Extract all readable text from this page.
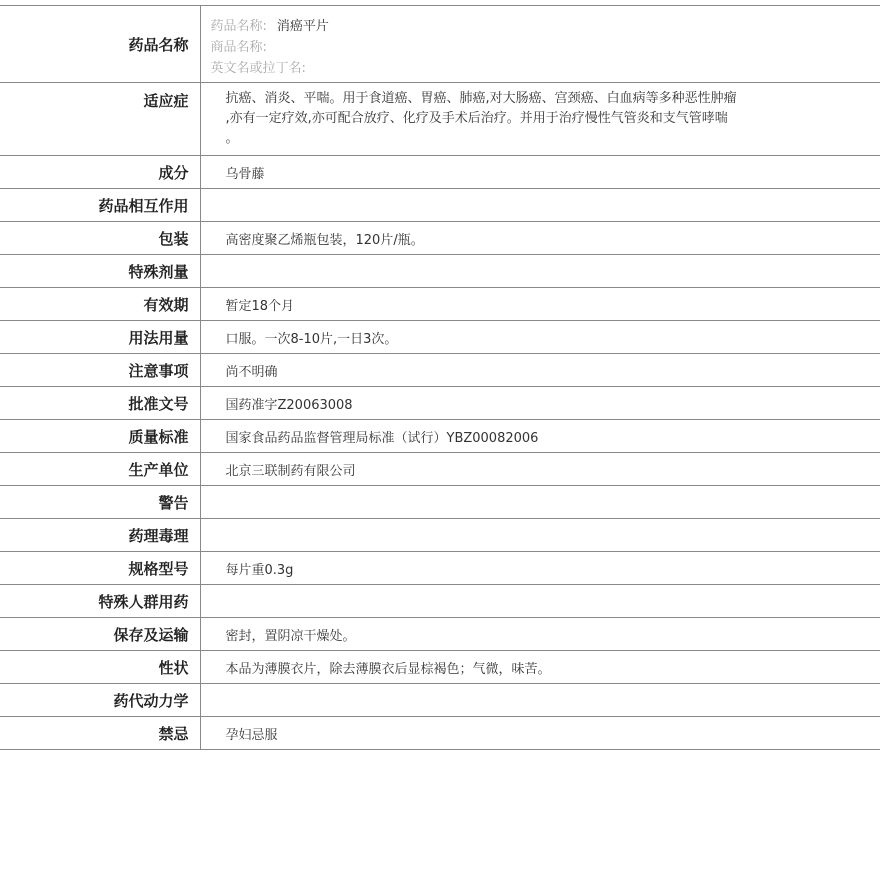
药品名称	药品名称: 消癌平片
商品名称:
英文名或拉丁名:

适应症	抗癌、消炎、平喘。用于食道癌、胃癌、肺癌,对大肠癌、宫颈癌、白血病等多种恶性肿瘤
,亦有一定疗效,亦可配合放疗、化疗及手术后治疗。并用于治疗慢性气管炎和支气管哮喘
。

成分	乌骨藤
药品相互作用	
包装	高密度聚乙烯瓶包装，120片/瓶。
特殊剂量	
有效期	暂定18个月
用法用量	口服。一次8-10片,一日3次。
注意事项	尚不明确
批准文号	国药准字Z20063008
质量标准	国家食品药品监督管理局标准（试行）YBZ00082006
生产单位	北京三联制药有限公司
警告	
药理毒理	
规格型号	每片重0.3g
特殊人群用药	
保存及运输	密封，置阴凉干燥处。
性状	本品为薄膜衣片，除去薄膜衣后显棕褐色；气微，味苦。
药代动力学	
禁忌	孕妇忌服
